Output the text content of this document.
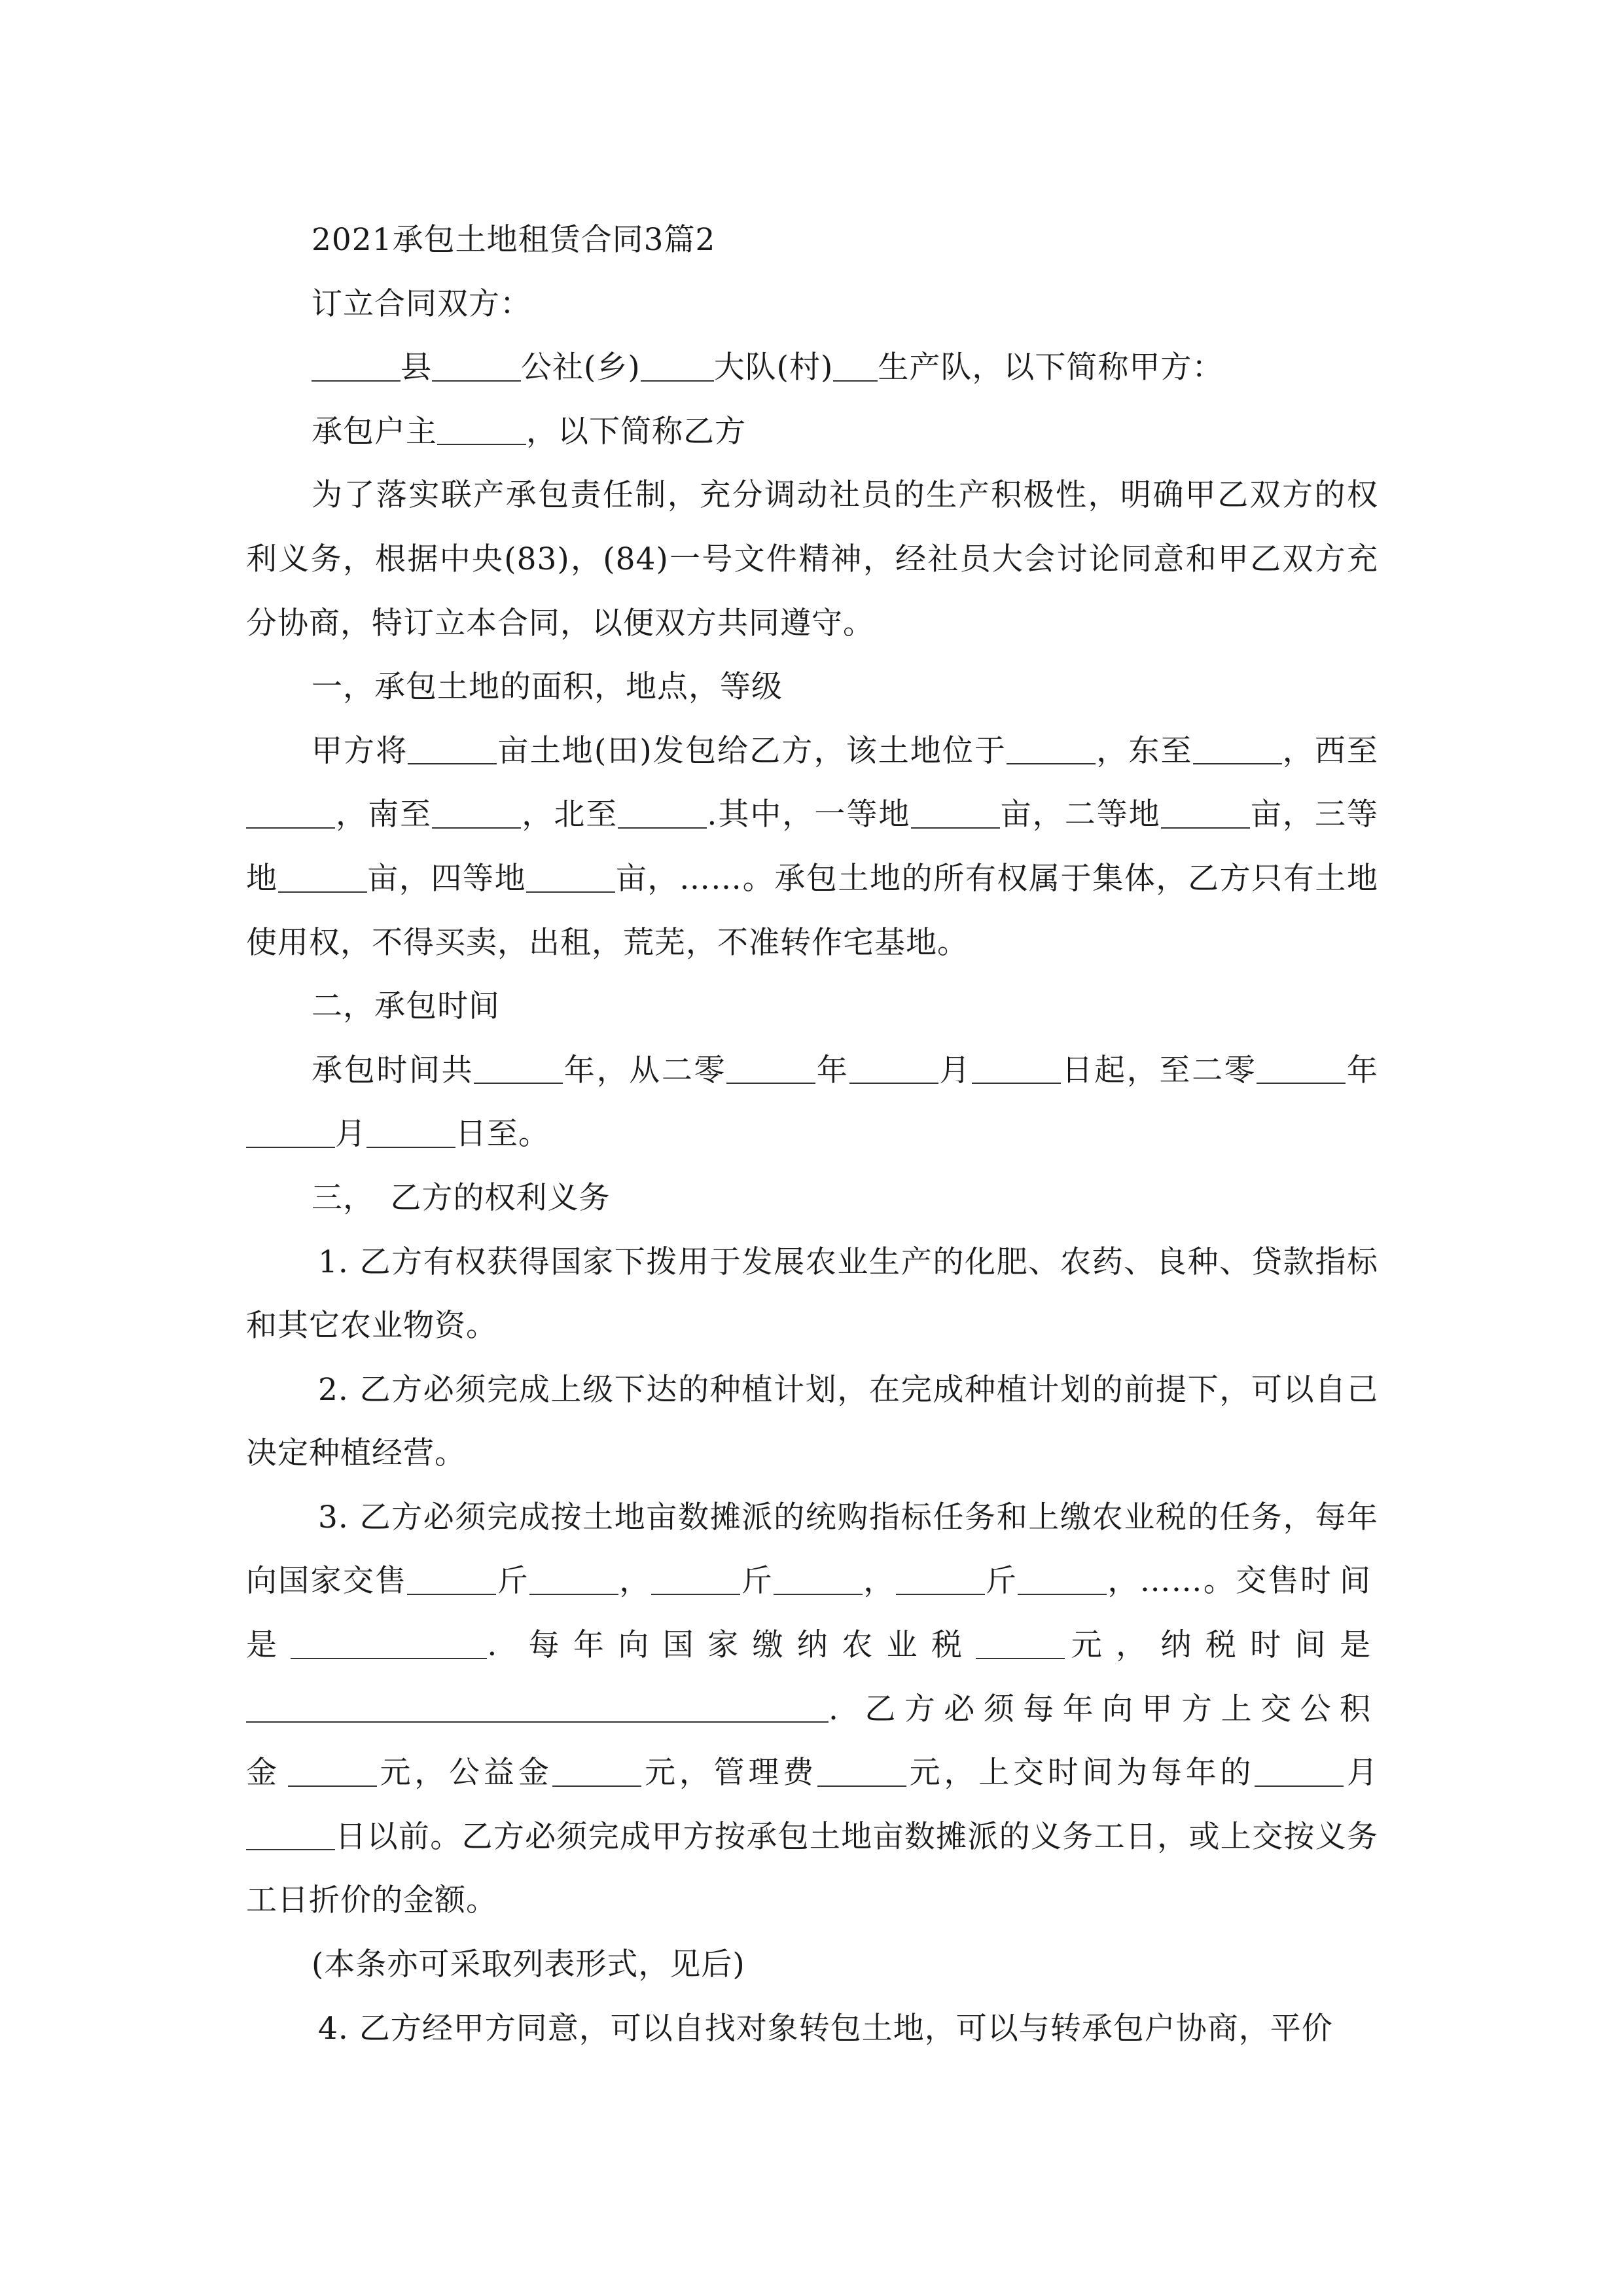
2021承包土地租赁合同3篇2

订立合同双方：

县	公社(乡) 大队(村) 生产队，以下简称甲方：

承包户主	，以下简称乙方

为了落实联产承包责任制，充分调动社员的生产积极性，明确甲乙双方的权利义务，根据中央(83)，(84)一号文件精神，经社员大会讨论同意和甲乙双方充分协商，特订立本合同，以便双方共同遵守。

一，承包土地的面积，地点，等级

甲方将	亩土地(田)发包给乙方，该土地位于	，东至	，西至，南至	，北至	.其中，一等地	亩，二等地	亩，三等地	亩，四等地	亩，……。承包土地的所有权属于集体，乙方只有土地使用权，不得买卖，出租，荒芜，不准转作宅基地。

二，承包时间

承包时间共	年，从二零	年	月	日起，至二零	年月	日至。

三，　乙方的权利义务

1. 乙方有权获得国家下拨用于发展农业生产的化肥、农药、良种、贷款指标和其它农业物资。

2. 乙方必须完成上级下达的种植计划，在完成种植计划的前提下，可以自己决定种植经营。

3. 乙方必须完成按土地亩数摊派的统购指标任务和上缴农业税的任务，每年向国家交售	斤	，	斤	，	斤	，……。交售时间是	. 每年向国家缴纳农业税	元，纳税时间是. 乙方必须每年向甲方上交公积金	元，公益金	元，管理费	元，上交时间为每年的	月日以前。乙方必须完成甲方按承包土地亩数摊派的义务工日，或上交按义务工日折价的金额。

(本条亦可采取列表形式，见后)

4. 乙方经甲方同意，可以自找对象转包土地，可以与转承包户协商，平价
